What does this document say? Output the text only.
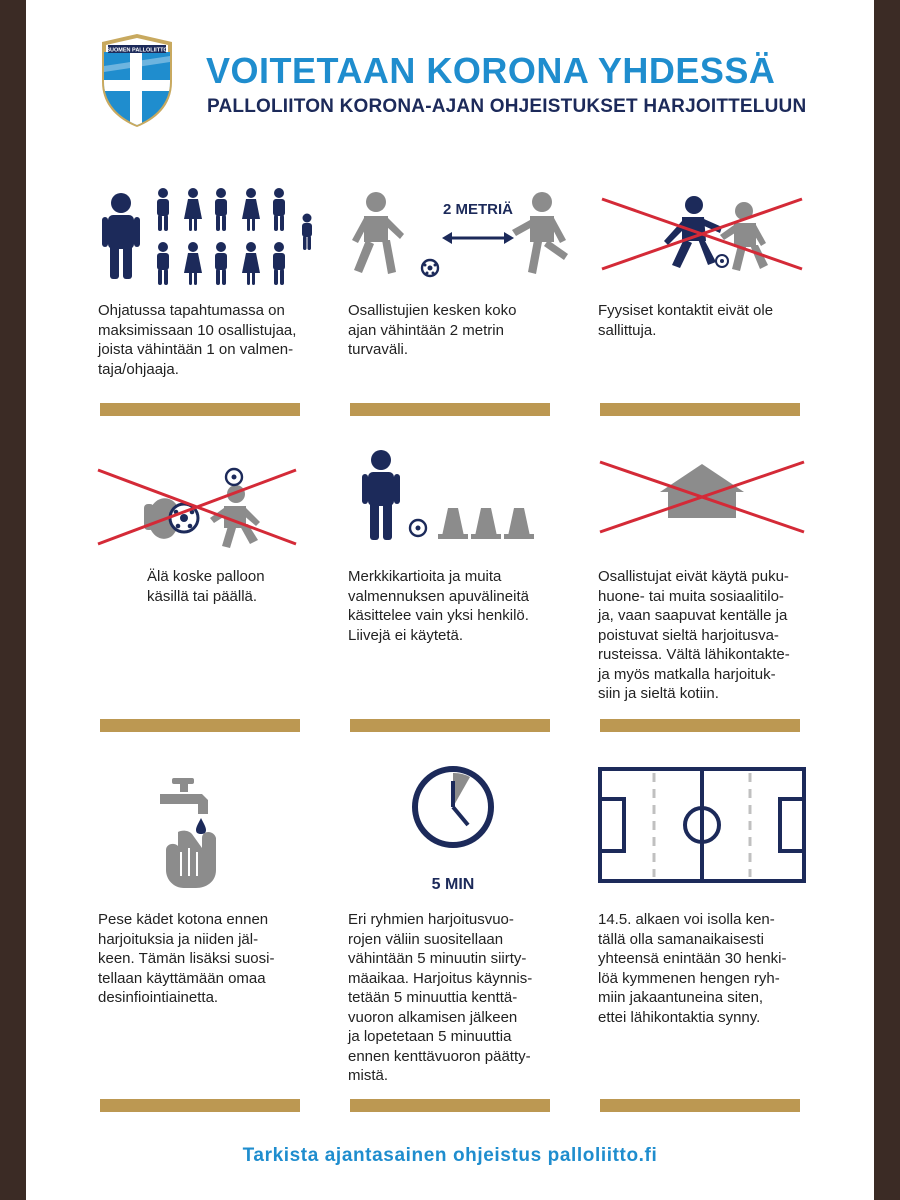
SUOMEN PALLOLIITTO VOITETAAN KORONA YHDESSÄ
PALLOLIITON KORONA-AJAN OHJEISTUKSET HARJOITTELUUN
Ohjatussa tapahtumassa on
maksimissaan 10 osallistujaa,
joista vähintään 1 on valmen-
taja/ohjaaja.
2 METRIÄ
Osallistujien kesken koko
ajan vähintään 2 metrin
turvaväli.
Fyysiset kontaktit eivät ole
sallittuja.
Älä koske palloon
käsillä tai päällä.
Merkkikartioita ja muita
valmennuksen apuvälineitä
käsittelee vain yksi henkilö.
Liivejä ei käytetä.
Osallistujat eivät käytä puku-
huone- tai muita sosiaalitilo-
ja, vaan saapuvat kentälle ja
poistuvat sieltä harjoitusva-
rusteissa. Vältä lähikontakte-
ja myös matkalla harjoituk-
siin ja sieltä kotiin.
Pese kädet kotona ennen
harjoituksia ja niiden jäl-
keen. Tämän lisäksi suosi-
tellaan käyttämään omaa
desinfiointiainetta.
5 MIN
Eri ryhmien harjoitusvuo-
rojen väliin suositellaan
vähintään 5 minuutin siirty-
mäaikaa. Harjoitus käynnis-
tetään 5 minuuttia kenttä-
vuoron alkamisen jälkeen
ja lopetetaan 5 minuuttia
ennen kenttävuoron päätty-
mistä.
14.5. alkaen voi isolla ken-
tällä olla samanaikaisesti
yhteensä enintään 30 henki-
löä kymmenen hengen ryh-
miin jakaantuneina siten,
ettei lähikontaktia synny.
Tarkista ajantasainen ohjeistus palloliitto.fi
